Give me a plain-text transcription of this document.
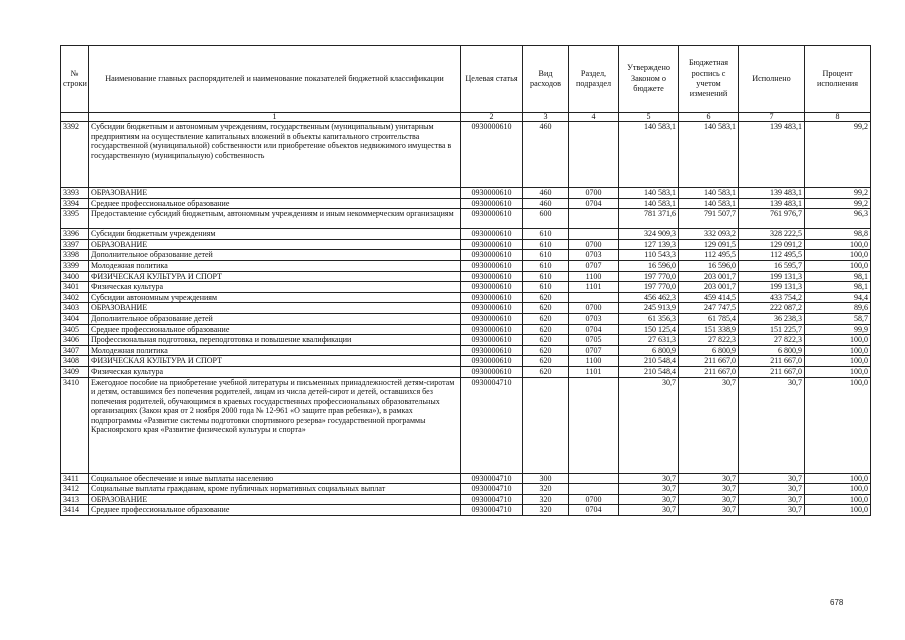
№ строки	Наименование главных распорядителей и наименование показателей бюджетной классификации	Целевая статья	Вид расходов	Раздел, подраздел	Утверждено Законом о бюджете	Бюджетная роспись с учетом изменений	Исполнено	Процент исполнения
	1	2	3	4	5	6	7	8
3392	Субсидии бюджетным и автономным учреждениям, государственным (муниципальным) унитарным предприятиям на осуществление капитальных вложений в объекты капитального строительства государственной (муниципальной) собственности или приобретение объектов недвижимого имущества в государственную (муниципальную) собственность	0930000610	460		140 583,1	140 583,1	139 483,1	99,2
3393	ОБРАЗОВАНИЕ	0930000610	460	0700	140 583,1	140 583,1	139 483,1	99,2
3394	Среднее профессиональное образование	0930000610	460	0704	140 583,1	140 583,1	139 483,1	99,2
3395	Предоставление субсидий бюджетным, автономным учреждениям и иным некоммерческим организациям	0930000610	600		781 371,6	791 507,7	761 976,7	96,3
3396	Субсидии бюджетным учреждениям	0930000610	610		324 909,3	332 093,2	328 222,5	98,8
3397	ОБРАЗОВАНИЕ	0930000610	610	0700	127 139,3	129 091,5	129 091,2	100,0
3398	Дополнительное образование детей	0930000610	610	0703	110 543,3	112 495,5	112 495,5	100,0
3399	Молодежная политика	0930000610	610	0707	16 596,0	16 596,0	16 595,7	100,0
3400	ФИЗИЧЕСКАЯ КУЛЬТУРА И СПОРТ	0930000610	610	1100	197 770,0	203 001,7	199 131,3	98,1
3401	Физическая культура	0930000610	610	1101	197 770,0	203 001,7	199 131,3	98,1
3402	Субсидии автономным учреждениям	0930000610	620		456 462,3	459 414,5	433 754,2	94,4
3403	ОБРАЗОВАНИЕ	0930000610	620	0700	245 913,9	247 747,5	222 087,2	89,6
3404	Дополнительное образование детей	0930000610	620	0703	61 356,3	61 785,4	36 238,3	58,7
3405	Среднее профессиональное образование	0930000610	620	0704	150 125,4	151 338,9	151 225,7	99,9
3406	Профессиональная подготовка, переподготовка и повышение квалификации	0930000610	620	0705	27 631,3	27 822,3	27 822,3	100,0
3407	Молодежная политика	0930000610	620	0707	6 800,9	6 800,9	6 800,9	100,0
3408	ФИЗИЧЕСКАЯ КУЛЬТУРА И СПОРТ	0930000610	620	1100	210 548,4	211 667,0	211 667,0	100,0
3409	Физическая культура	0930000610	620	1101	210 548,4	211 667,0	211 667,0	100,0
3410	Ежегодное пособие на приобретение учебной литературы и письменных принадлежностей детям-сиротам и детям, оставшимся без попечения родителей, лицам из числа детей-сирот и детей, оставшихся без попечения родителей, обучающимся в краевых государственных профессиональных образовательных организациях (Закон края от 2 ноября 2000 года № 12-961 «О защите прав ребенка»), в рамках подпрограммы «Развитие системы подготовки спортивного резерва» государственной программы Красноярского края «Развитие физической культуры и спорта»	0930004710			30,7	30,7	30,7	100,0
3411	Социальное обеспечение и иные выплаты населению	0930004710	300		30,7	30,7	30,7	100,0
3412	Социальные выплаты гражданам, кроме публичных нормативных социальных выплат	0930004710	320		30,7	30,7	30,7	100,0
3413	ОБРАЗОВАНИЕ	0930004710	320	0700	30,7	30,7	30,7	100,0
3414	Среднее профессиональное образование	0930004710	320	0704	30,7	30,7	30,7	100,0
678
